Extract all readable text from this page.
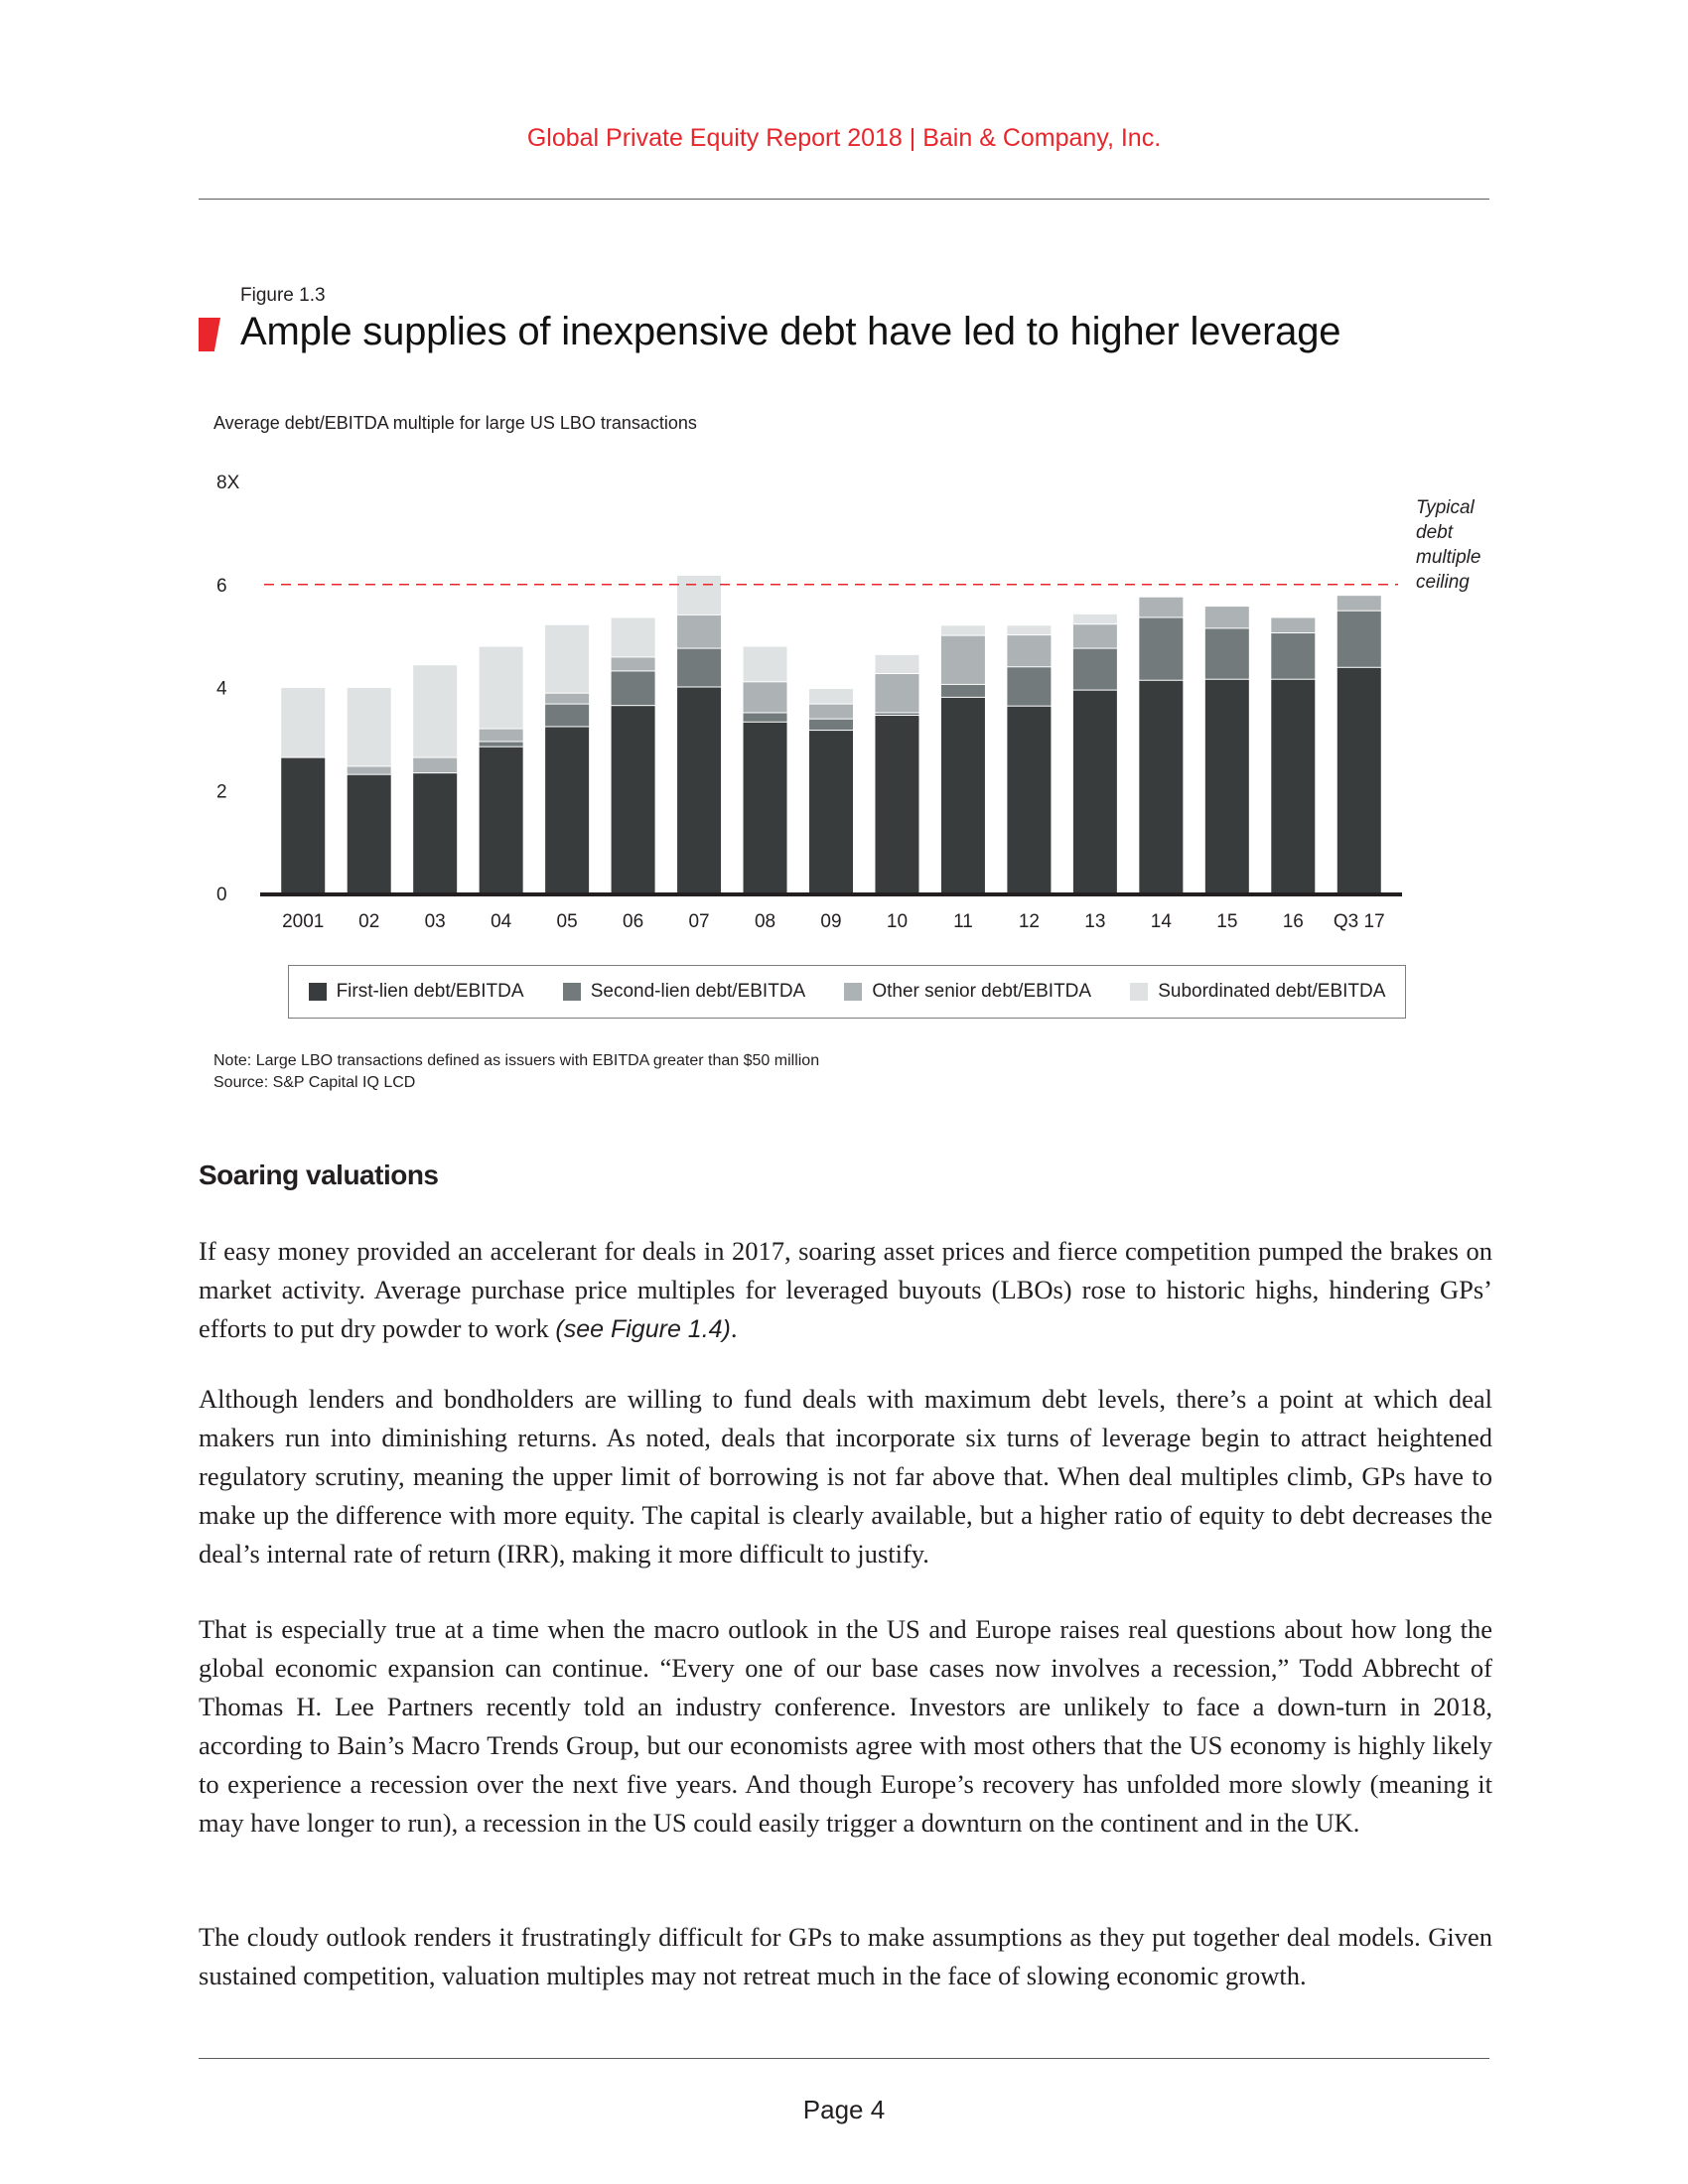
Global Private Equity Report 2018 | Bain & Company, Inc.
Figure 1.3
Ample supplies of inexpensive debt have led to higher leverage
Average debt/EBITDA multiple for large US LBO transactions
0
2
4
6
8X
2001 02 03 04 05 06 07 08 09 10 11 12 13 14 15 16 Q3 17
Typical debt multiple ceiling
First-lien debt/EBITDA	Second-lien debt/EBITDA	Other senior debt/EBITDA	Subordinated debt/EBITDA
Note: Large LBO transactions defined as issuers with EBITDA greater than $50 million
Source: S&P Capital IQ LCD
Soaring valuations
If easy money provided an accelerant for deals in 2017, soaring asset prices and fierce competition pumped the brakes on market activity. Average purchase price multiples for leveraged buyouts (LBOs) rose to historic highs, hindering GPs’ efforts to put dry powder to work (see Figure 1.4).
Although lenders and bondholders are willing to fund deals with maximum debt levels, there’s a point at which deal makers run into diminishing returns. As noted, deals that incorporate six turns of leverage begin to attract heightened regulatory scrutiny, meaning the upper limit of borrowing is not far above that. When deal multiples climb, GPs have to make up the difference with more equity. The capital is clearly available, but a higher ratio of equity to debt decreases the deal’s internal rate of return (IRR), making it more difficult to justify.
That is especially true at a time when the macro outlook in the US and Europe raises real questions about how long the global economic expansion can continue. “Every one of our base cases now involves a recession,” Todd Abbrecht of Thomas H. Lee Partners recently told an industry conference. Investors are unlikely to face a down-turn in 2018, according to Bain’s Macro Trends Group, but our economists agree with most others that the US economy is highly likely to experience a recession over the next five years. And though Europe’s recovery has unfolded more slowly (meaning it may have longer to run), a recession in the US could easily trigger a downturn on the continent and in the UK.
The cloudy outlook renders it frustratingly difficult for GPs to make assumptions as they put together deal models. Given sustained competition, valuation multiples may not retreat much in the face of slowing economic growth.
Page 4
